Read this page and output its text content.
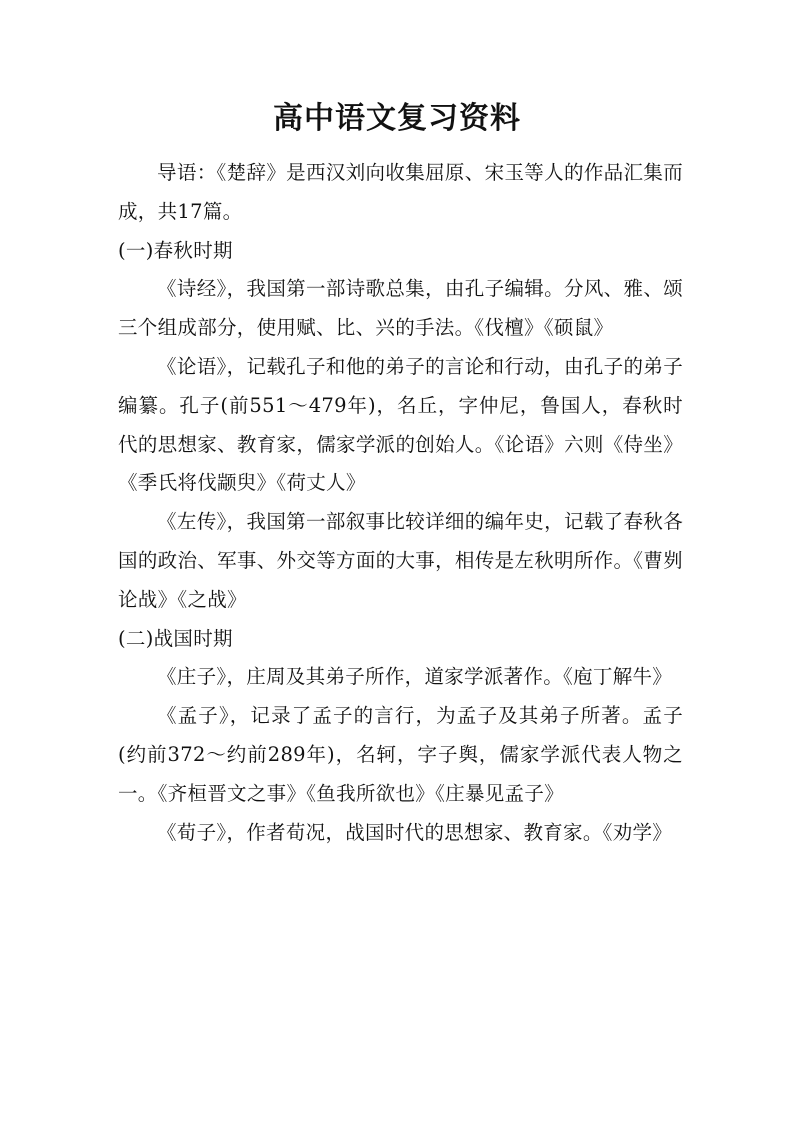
高中语文复习资料

导语：《楚辞》是西汉刘向收集屈原、宋玉等人的作品汇集而成，共17篇。

(一)春秋时期

《诗经》，我国第一部诗歌总集，由孔子编辑。分风、雅、颂三个组成部分，使用赋、比、兴的手法。《伐檀》《硕鼠》

《论语》，记载孔子和他的弟子的言论和行动，由孔子的弟子编纂。孔子(前551～479年)，名丘，字仲尼，鲁国人，春秋时代的思想家、教育家，儒家学派的创始人。《论语》六则《侍坐》《季氏将伐颛臾》《荷丈人》

《左传》，我国第一部叙事比较详细的编年史，记载了春秋各国的政治、军事、外交等方面的大事，相传是左秋明所作。《曹刿论战》《之战》

(二)战国时期

《庄子》，庄周及其弟子所作，道家学派著作。《庖丁解牛》

《孟子》，记录了孟子的言行，为孟子及其弟子所著。孟子(约前372～约前289年)，名轲，字子舆，儒家学派代表人物之一。《齐桓晋文之事》《鱼我所欲也》《庄暴见孟子》

《荀子》，作者荀况，战国时代的思想家、教育家。《劝学》
